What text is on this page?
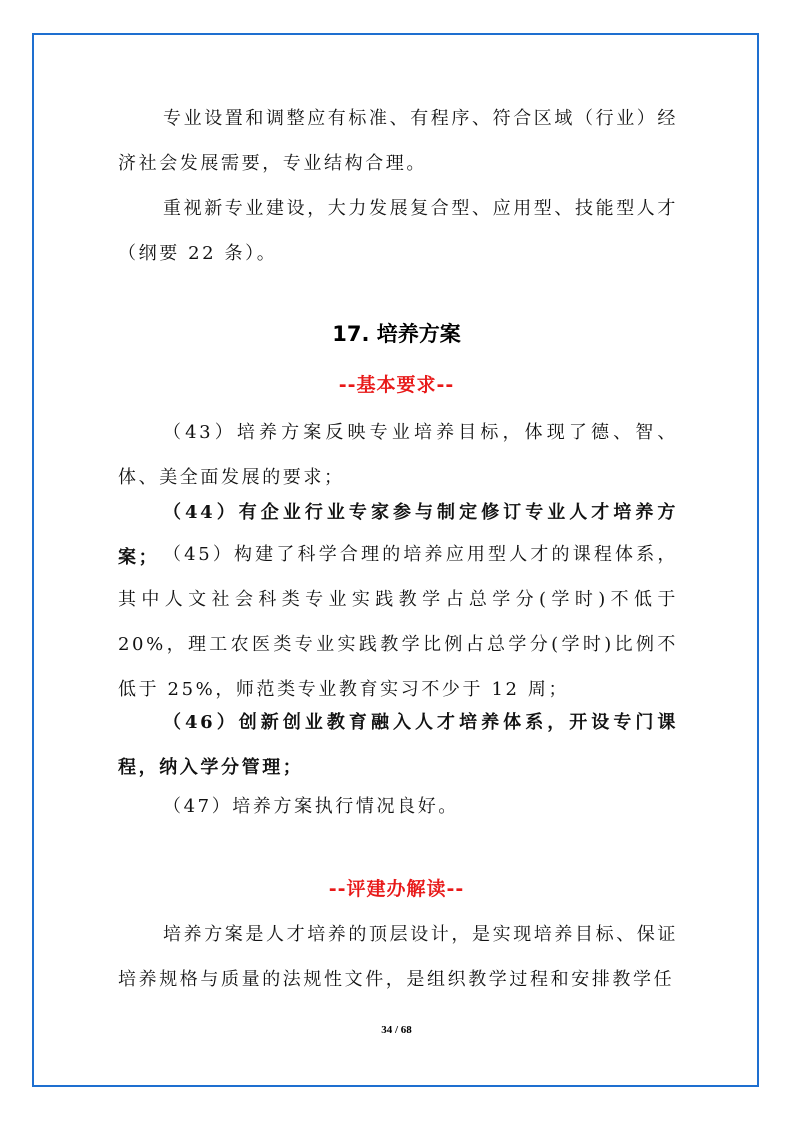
专业设置和调整应有标准、有程序、符合区域（行业）经济社会发展需要，专业结构合理。

重视新专业建设，大力发展复合型、应用型、技能型人才（纲要 22 条）。

17. 培养方案
--基本要求--

（43）培养方案反映专业培养目标，体现了德、智、体、美全面发展的要求；

（44）有企业行业专家参与制定修订专业人才培养方案； （45）构建了科学合理的培养应用型人才的课程体系，其中人文社会科类专业实践教学占总学分(学时)不低于 20%，理工农医类专业实践教学比例占总学分(学时)比例不低于 25%，师范类专业教育实习不少于 12 周；

（46）创新创业教育融入人才培养体系，开设专门课程，纳入学分管理；

（47）培养方案执行情况良好。

--评建办解读--

培养方案是人才培养的顶层设计，是实现培养目标、保证培养规格与质量的法规性文件，是组织教学过程和安排教学任

34 / 68
